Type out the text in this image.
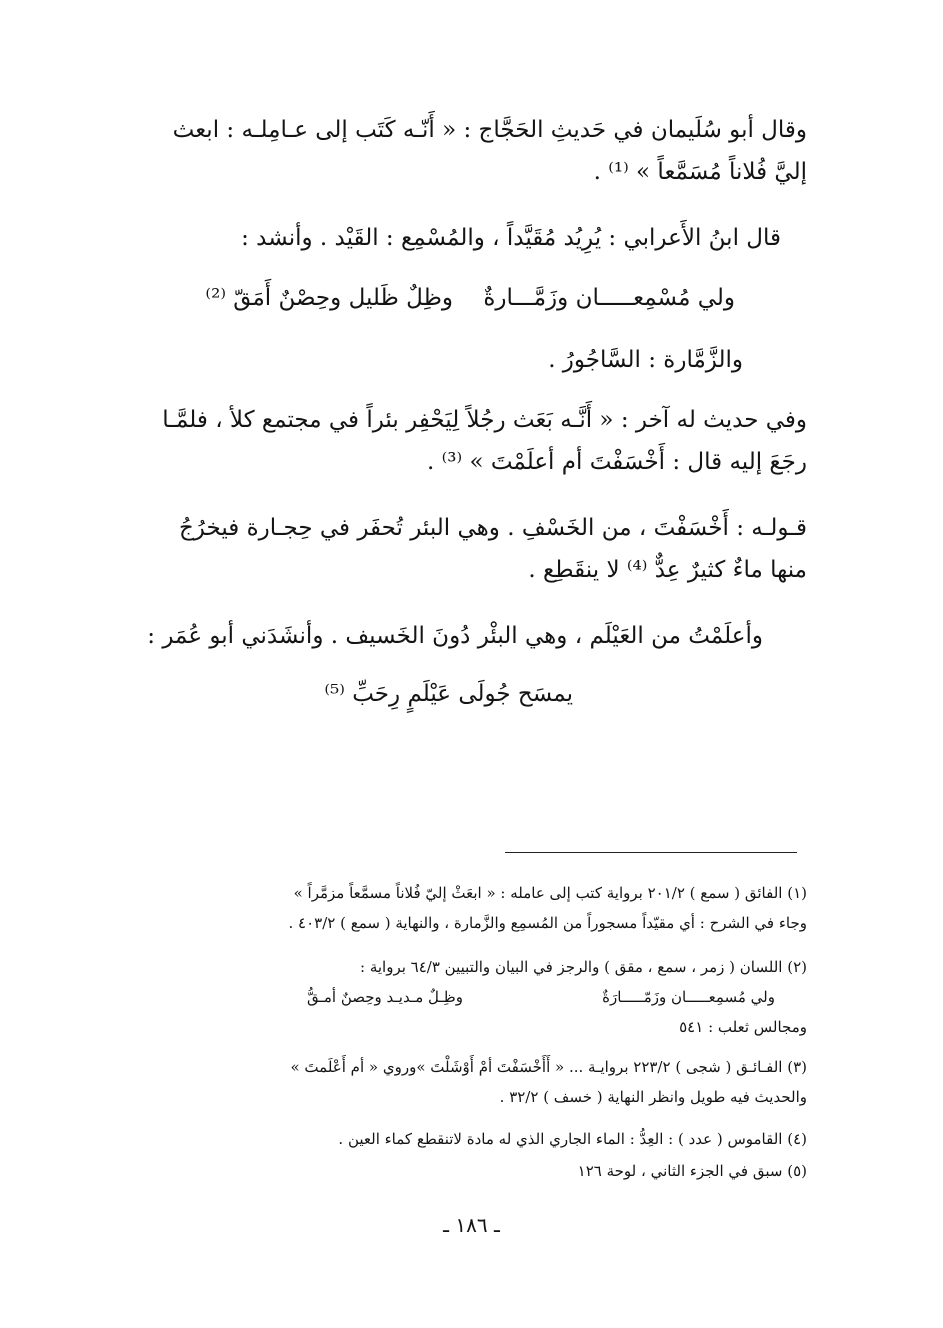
وقال أبو سُلَيمان في حَديثِ الحَجَّاج : « أَنّـه كَتَب إلى عـامِلـه : ابعث
إليَّ فُلاناً مُسَمَّعاً » ⁽¹⁾ .
قال ابنُ الأَعرابي : يُرِيُد مُقَيَّداً ، والمُسْمِع : القَيْد . وأنشد :
ولي مُسْمِعـــــان وزَمَّـــارةٌ
وظِلٌ ظَليل وحِصْنٌ أَمَقّ ⁽²⁾
والزَّمَّارة : السَّاجُورُ .
وفي حديث له آخر : « أَنَّـه بَعَث رجُلاً لِيَحْفِر بئراً في مجتمع كلأ ، فلمَّـا
رجَعَ إليه قال : أَخْسَفْتَ أم أعلَمْتَ » ⁽³⁾ .
قـولـه : أَخْسَفْتَ ، من الخَسْفِ . وهي البئر تُحفَر في حِجـارة فيخرُجُ
منها ماءٌ كثيرٌ عِدٌّ ⁽⁴⁾ لا ينقَطِع .
وأعلَمْتُ من العَيْلَم ، وهي البئْر دُونَ الخَسيف . وأنشَدَني أبو عُمَر :
يمسَح جُولَى عَيْلَمٍ رِحَبِّ ⁽⁵⁾
(١) الفائق ( سمع ) ٢٠١/٢ برواية كتب إلى عامله : « ابعَثْ إليّ فُلاناً مسمَّعاً مزمَّراً »
وجاء في الشرح : أي مقيّداً مسجوراً من المُسمِع والزَّمارة ، والنهاية ( سمع ) ٤٠٣/٢ .
(٢) اللسان ( زمر ، سمع ، مقق ) والرجز في البيان والتبيين ٦٤/٣ برواية :
ولي مُسمِعـــــان وزَمّـــــارَةٌ
وظِـلٌ مـديـد وحِصنٌ أمـقُّ
ومجالس ثعلب : ٥٤١
(٣) الفـائـق ( شجى ) ٢٢٣/٢ بروايـة ... « أَأَخْسَفْتَ أمْ أَوْشَلْتَ »وروي « أم أَعْلَمتَ »
والحديث فيه طويل وانظر النهاية ( خسف ) ٣٢/٢ .
(٤) القاموس ( عدد ) : العِدُّ : الماء الجاري الذي له مادة لاتنقطع كماء العين .
(٥) سبق في الجزء الثاني ، لوحة ١٢٦
ـ ١٨٦ ـ
